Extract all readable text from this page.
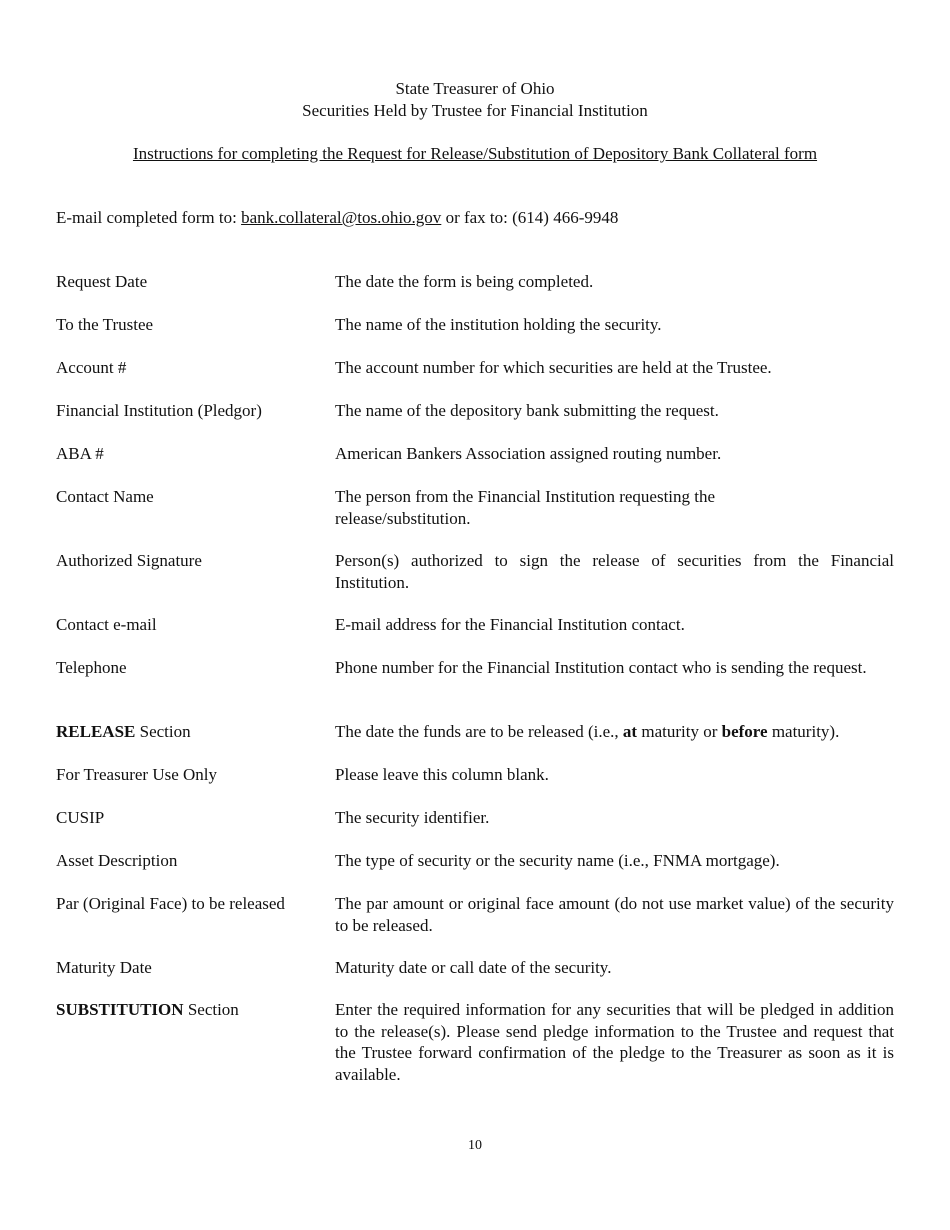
State Treasurer of Ohio
Securities Held by Trustee for Financial Institution
Instructions for completing the Request for Release/Substitution of Depository Bank Collateral form
E-mail completed form to: bank.collateral@tos.ohio.gov or fax to: (614) 466-9948
Request Date	The date the form is being completed.
To the Trustee	The name of the institution holding the security.
Account #	The account number for which securities are held at the Trustee.
Financial Institution (Pledgor)	The name of the depository bank submitting the request.
ABA #	American Bankers Association assigned routing number.
Contact Name	The person from the Financial Institution requesting the release/substitution.
Authorized Signature	Person(s) authorized to sign the release of securities from the Financial Institution.
Contact e-mail	E-mail address for the Financial Institution contact.
Telephone	Phone number for the Financial Institution contact who is sending the request.
RELEASE Section	The date the funds are to be released (i.e., at maturity or before maturity).
For Treasurer Use Only	Please leave this column blank.
CUSIP	The security identifier.
Asset Description	The type of security or the security name (i.e., FNMA mortgage).
Par (Original Face) to be released	The par amount or original face amount (do not use market value) of the security to be released.
Maturity Date	Maturity date or call date of the security.
SUBSTITUTION Section	Enter the required information for any securities that will be pledged in addition to the release(s). Please send pledge information to the Trustee and request that the Trustee forward confirmation of the pledge to the Treasurer as soon as it is available.
10
